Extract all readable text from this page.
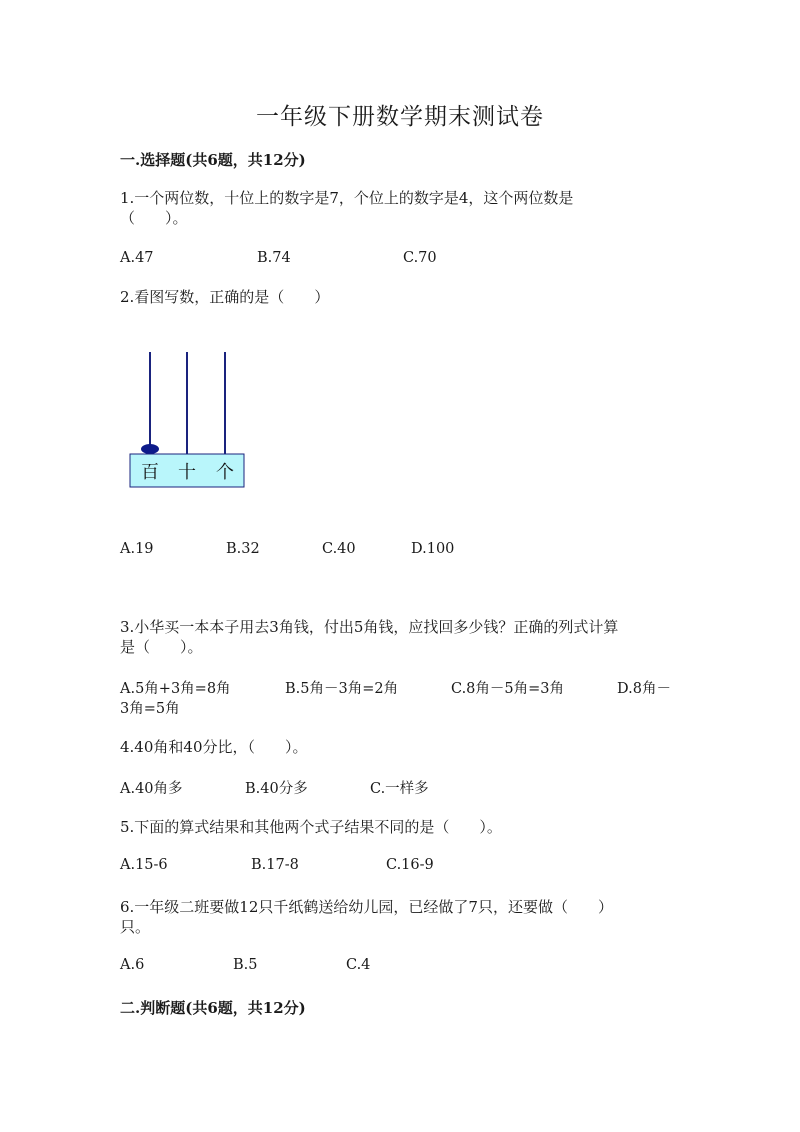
一年级下册数学期末测试卷
一.选择题(共6题，共12分)
1.一个两位数，十位上的数字是7，个位上的数字是4，这个两位数是
（　　）。
A.47	B.74	C.70
2.看图写数，正确的是（　　）
百 十 个
A.19	B.32	C.40	D.100
3.小华买一本本子用去3角钱，付出5角钱，应找回多少钱？正确的列式计算
是（　　）。
A.5角+3角=8角	B.5角－3角=2角	C.8角－5角=3角	D.8角－
3角=5角
4.40角和40分比，（　　）。
A.40角多	B.40分多	C.一样多
5.下面的算式结果和其他两个式子结果不同的是（　　）。
A.15-6	B.17-8	C.16-9
6.一年级二班要做12只千纸鹤送给幼儿园，已经做了7只，还要做（　　）
只。
A.6	B.5	C.4
二.判断题(共6题，共12分)
